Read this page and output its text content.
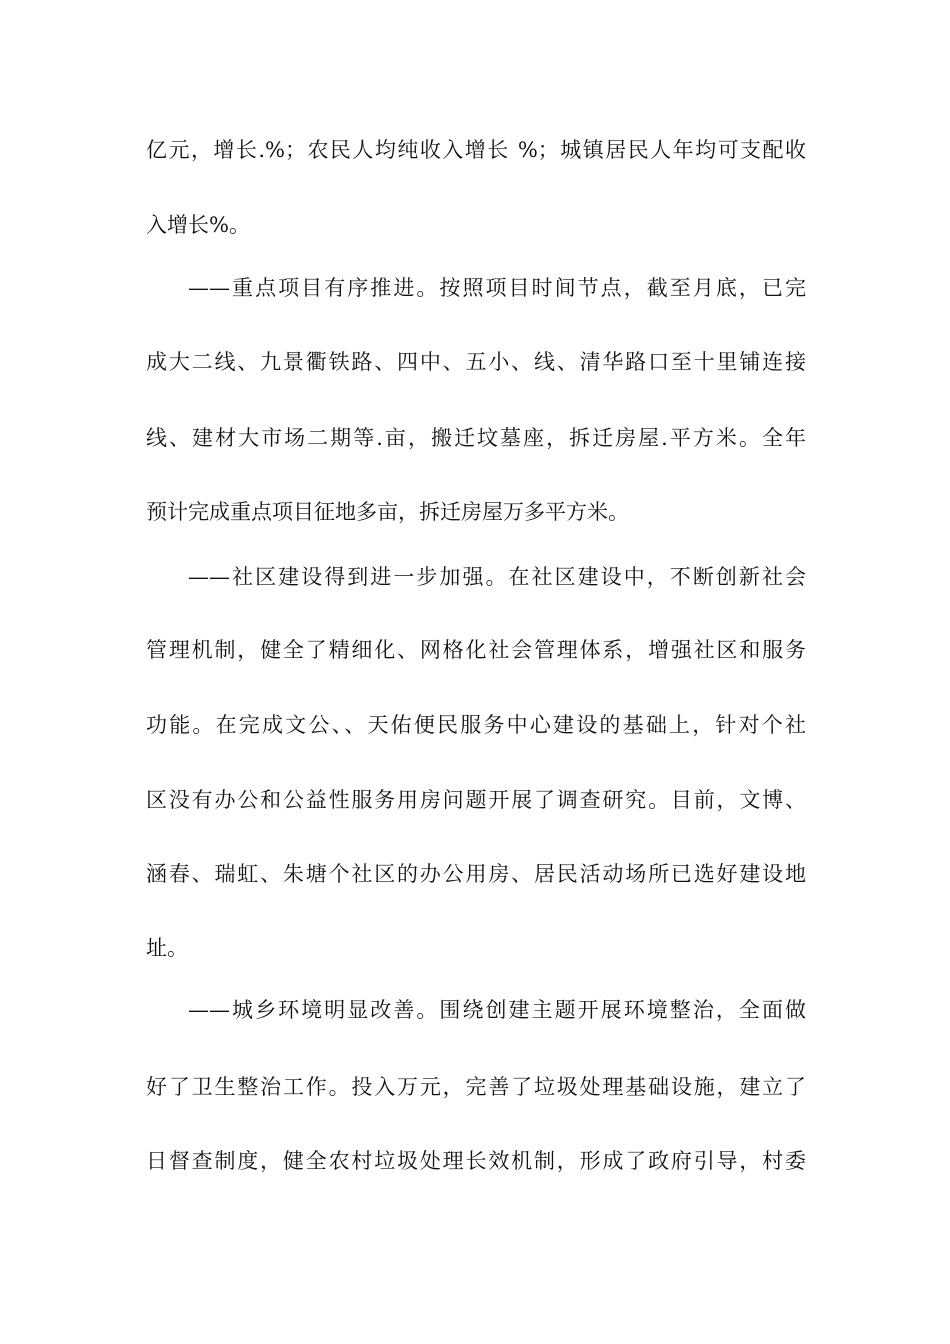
亿元，增长.%；农民人均纯收入增长 %；城镇居民人年均可支配收
入增长%。
——重点项目有序推进。按照项目时间节点，截至月底，已完
成大二线、九景衢铁路、四中、五小、线、清华路口至十里铺连接
线、建材大市场二期等.亩，搬迁坟墓座，拆迁房屋.平方米。全年
预计完成重点项目征地多亩，拆迁房屋万多平方米。
——社区建设得到进一步加强。在社区建设中，不断创新社会
管理机制，健全了精细化、网格化社会管理体系，增强社区和服务
功能。在完成文公、、天佑便民服务中心建设的基础上，针对个社
区没有办公和公益性服务用房问题开展了调查研究。目前，文博、
涵春、瑞虹、朱塘个社区的办公用房、居民活动场所已选好建设地
址。
——城乡环境明显改善。围绕创建主题开展环境整治，全面做
好了卫生整治工作。投入万元，完善了垃圾处理基础设施，建立了
日督查制度，健全农村垃圾处理长效机制，形成了政府引导，村委
